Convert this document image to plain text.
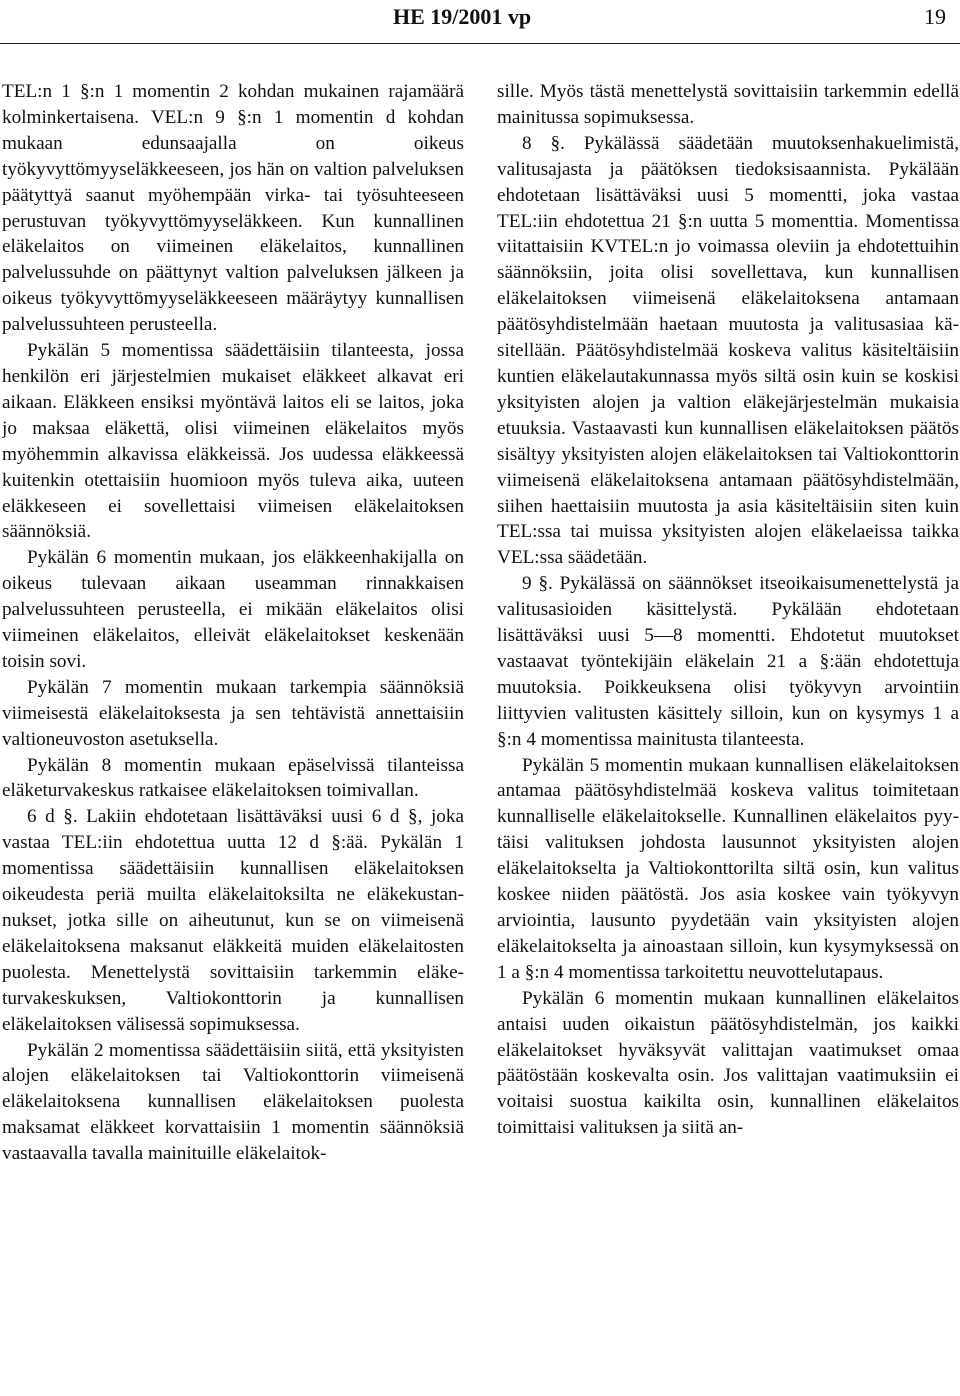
HE 19/2001 vp	19

TEL:n 1 §:n 1 momentin 2 kohdan mukainen rajamäärä kolminkertaisena. VEL:n 9 §:n 1 momentin d kohdan mukaan edunsaajalla on oikeus työkyvyttömyyseläkkeeseen, jos hän on valtion palveluksen päätyttyä saanut myöhempään virka- tai työsuhteeseen perustuvan työkyvyttömyyseläkkeen. Kun kunnallinen eläkelaitos on viimeinen eläkelaitos, kunnallinen palvelussuhde on päättynyt valtion palveluksen jälkeen ja oikeus työkyvyttömyyseläkkeeseen määräytyy kunnallisen palvelussuhteen perusteella.

Pykälän 5 momentissa säädettäisiin tilanteesta, jossa henkilön eri järjestelmien mukaiset eläkkeet alkavat eri aikaan. Eläkkeen ensiksi myöntävä laitos eli se laitos, joka jo maksaa eläkettä, olisi viimeinen eläkelaitos myös myöhemmin alkavissa eläkkeissä. Jos uudessa eläkkeessä kuitenkin otettaisiin huomioon myös tuleva aika, uuteen eläkkeseen ei sovellettaisi viimeisen eläkelaitoksen säännöksiä.

Pykälän 6 momentin mukaan, jos eläkkeenhakijalla on oikeus tulevaan aikaan useamman rinnakkaisen palvelussuhteen perusteella, ei mikään eläkelaitos olisi viimeinen eläkelaitos, elleivät eläkelaitokset keskenään toisin sovi.

Pykälän 7 momentin mukaan tarkempia säännöksiä viimeisestä eläkelaitoksesta ja sen tehtävistä annettaisiin valtioneuvoston asetuksella.

Pykälän 8 momentin mukaan epäselvissä tilanteissa eläketurvakeskus ratkaisee eläkelaitoksen toimivallan.

6 d §. Lakiin ehdotetaan lisättäväksi uusi 6 d §, joka vastaa TEL:iin ehdotettua uutta 12 d §:ää. Pykälän 1 momentissa säädettäisiin kunnallisen eläkelaitoksen oikeudesta periä muilta eläkelaitoksilta ne eläkekustannukset, jotka sille on aiheutunut, kun se on viimeisenä eläkelaitoksena maksanut eläkkeitä muiden eläkelaitosten puolesta. Menettelystä sovittaisiin tarkemmin eläketurvakeskuksen, Valtiokonttorin ja kunnallisen eläkelaitoksen välisessä sopimuksessa.

Pykälän 2 momentissa säädettäisiin siitä, että yksityisten alojen eläkelaitoksen tai Valtiokonttorin viimeisenä eläkelaitoksena kunnallisen eläkelaitoksen puolesta maksamat eläkkeet korvattaisiin 1 momentin säännöksiä vastaavalla tavalla mainituille eläkelaitok-

sille. Myös tästä menettelystä sovittaisiin tarkemmin edellä mainitussa sopimuksessa.

8 §. Pykälässä säädetään muutoksenhakuelimistä, valitusajasta ja päätöksen tiedoksisaannista. Pykälään ehdotetaan lisättäväksi uusi 5 momentti, joka vastaa TEL:iin ehdotettua 21 §:n uutta 5 momenttia. Momentissa viitattaisiin KVTEL:n jo voimassa oleviin ja ehdotettuihin säännöksiin, joita olisi sovellettava, kun kunnallisen eläkelaitoksen viimeisenä eläkelaitoksena antamaan päätösyhdistelmään haetaan muutosta ja valitusasiaa käsitellään. Päätösyhdistelmää koskeva valitus käsiteltäisiin kuntien eläkelautakunnassa myös siltä osin kuin se koskisi yksityisten alojen ja valtion eläkejärjestelmän mukaisia etuuksia. Vastaavasti kun kunnallisen eläkelaitoksen päätös sisältyy yksityisten alojen eläkelaitoksen tai Valtiokonttorin viimeisenä eläkelaitoksena antamaan päätösyhdistelmään, siihen haettaisiin muutosta ja asia käsiteltäisiin siten kuin TEL:ssa tai muissa yksityisten alojen eläkelaeissa taikka VEL:ssa säädetään.

9 §. Pykälässä on säännökset itseoikaisumenettelystä ja valitusasioiden käsittelystä. Pykälään ehdotetaan lisättäväksi uusi 5—8 momentti. Ehdotetut muutokset vastaavat työntekijäin eläkelain 21 a §:ään ehdotettuja muutoksia. Poikkeuksena olisi työkyvyn arvointiin liittyvien valitusten käsittely silloin, kun on kysymys 1 a §:n 4 momentissa mainitusta tilanteesta.

Pykälän 5 momentin mukaan kunnallisen eläkelaitoksen antamaa päätösyhdistelmää koskeva valitus toimitetaan kunnalliselle eläkelaitokselle. Kunnallinen eläkelaitos pyytäisi valituksen johdosta lausunnot yksityisten alojen eläkelaitokselta ja Valtiokonttorilta siltä osin, kun valitus koskee niiden päätöstä. Jos asia koskee vain työkyvyn arviointia, lausunto pyydetään vain yksityisten alojen eläkelaitokselta ja ainoastaan silloin, kun kysymyksessä on 1 a §:n 4 momentissa tarkoitettu neuvottelutapaus.

Pykälän 6 momentin mukaan kunnallinen eläkelaitos antaisi uuden oikaistun päätösyhdistelmän, jos kaikki eläkelaitokset hyväksyvät valittajan vaatimukset omaa päätöstään koskevalta osin. Jos valittajan vaatimuksiin ei voitaisi suostua kaikilta osin, kunnallinen eläkelaitos toimittaisi valituksen ja siitä an-
